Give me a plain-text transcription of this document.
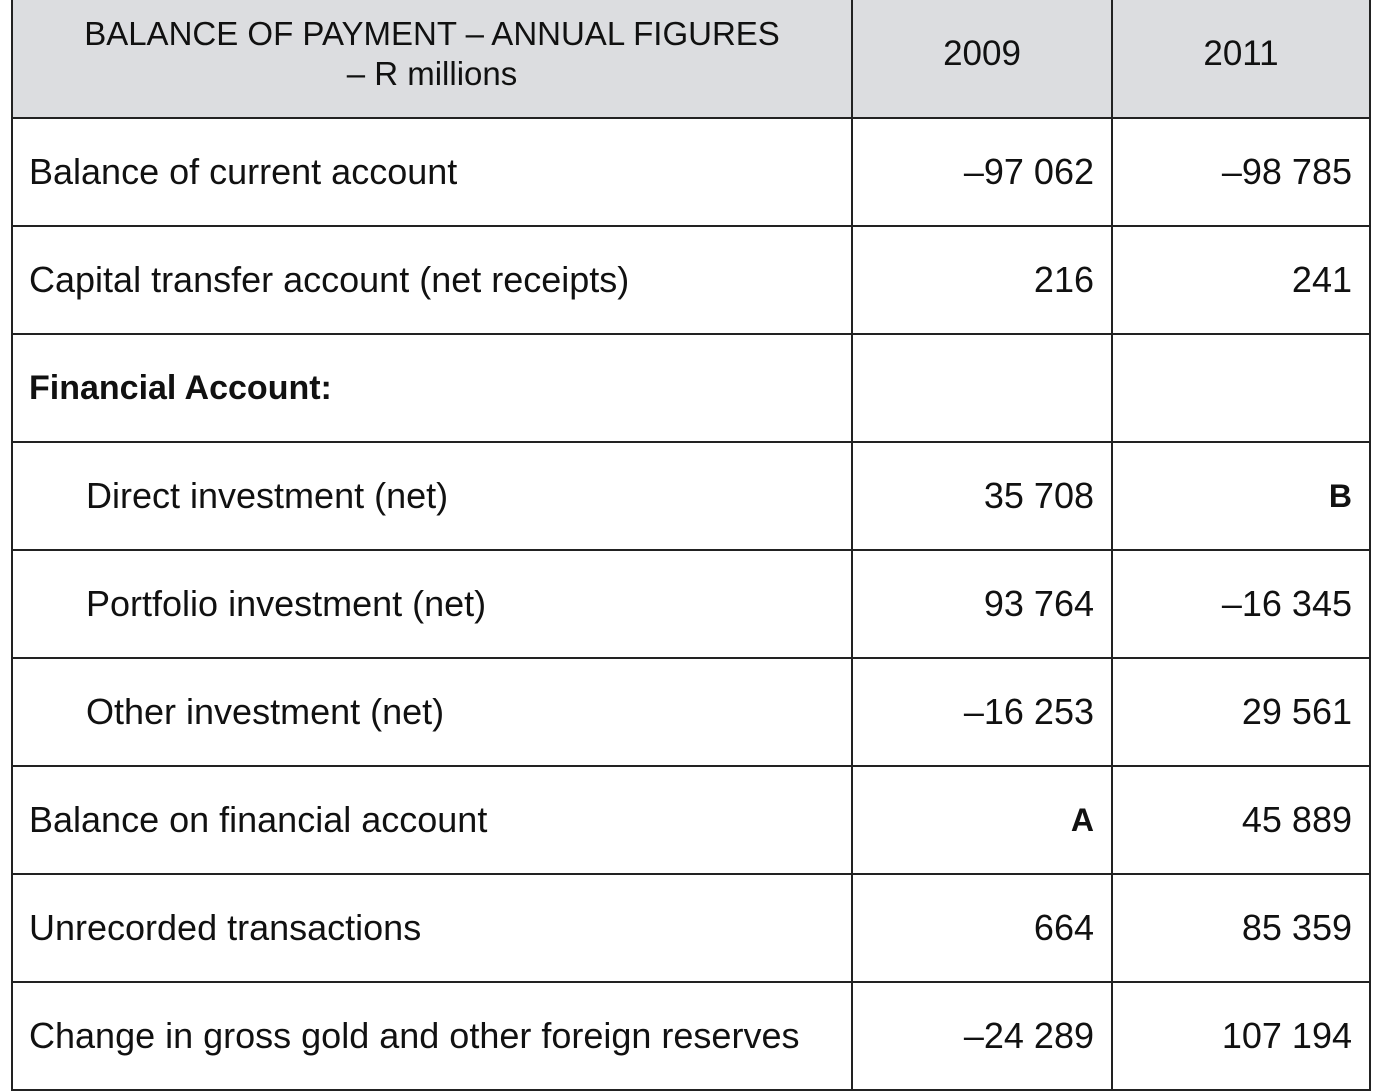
BALANCE OF PAYMENT – ANNUAL FIGURES
– R millions	2009	2011
Balance of current account	–97 062	–98 785
Capital transfer account (net receipts)	216	241
Financial Account:		
Direct investment (net)	35 708	B
Portfolio investment (net)	93 764	–16 345
Other investment (net)	–16 253	29 561
Balance on financial account	A	45 889
Unrecorded transactions	664	85 359
Change in gross gold and other foreign reserves	–24 289	107 194
